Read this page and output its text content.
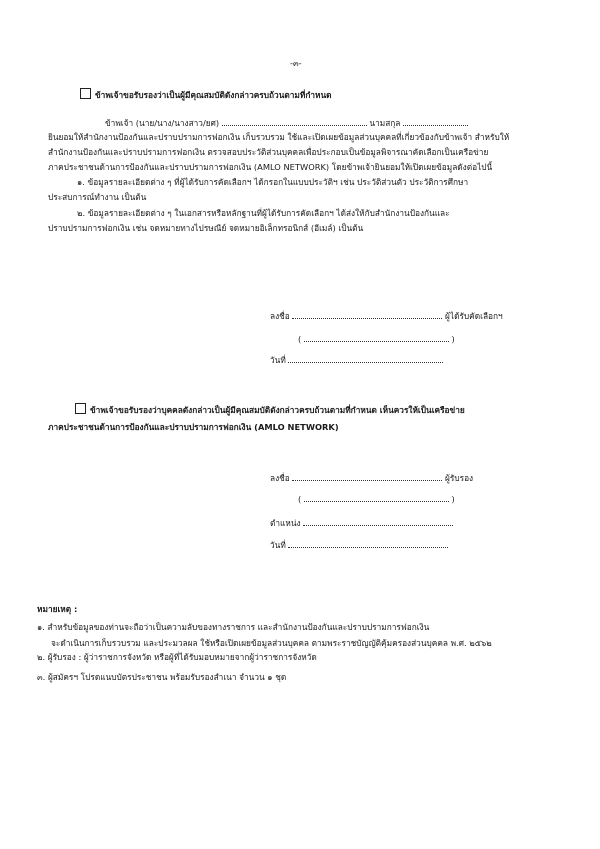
-๓-
ข้าพเจ้าขอรับรองว่าเป็นผู้มีคุณสมบัติดังกล่าวครบถ้วนตามที่กำหนด
ข้าพเจ้า (นาย/นาง/นางสาว/ยศ)	นามสกุล
ยินยอมให้สำนักงานป้องกันและปราบปรามการฟอกเงิน เก็บรวบรวม ใช้และเปิดเผยข้อมูลส่วนบุคคลที่เกี่ยวข้องกับข้าพเจ้า สำหรับให้
สำนักงานป้องกันและปราบปรามการฟอกเงิน ตรวจสอบประวัติส่วนบุคคลเพื่อประกอบเป็นข้อมูลพิจารณาคัดเลือกเป็นเครือข่าย
ภาคประชาชนด้านการป้องกันและปราบปรามการฟอกเงิน (AMLO NETWORK) โดยข้าพเจ้ายินยอมให้เปิดเผยข้อมูลดังต่อไปนี้
๑. ข้อมูลรายละเอียดต่าง ๆ ที่ผู้ได้รับการคัดเลือกฯ ได้กรอกในแบบประวัติฯ เช่น ประวัติส่วนตัว ประวัติการศึกษา
ประสบการณ์ทำงาน เป็นต้น
๒. ข้อมูลรายละเอียดต่าง ๆ ในเอกสารหรือหลักฐานที่ผู้ได้รับการคัดเลือกฯ ได้ส่งให้กับสำนักงานป้องกันและ
ปราบปรามการฟอกเงิน เช่น จดหมายทางไปรษณีย์ จดหมายอิเล็กทรอนิกส์ (อีเมล์) เป็นต้น
ลงชื่อ	ผู้ได้รับคัดเลือกฯ
(	)
วันที่
ข้าพเจ้าขอรับรองว่าบุคคลดังกล่าวเป็นผู้มีคุณสมบัติดังกล่าวครบถ้วนตามที่กำหนด เห็นควรให้เป็นเครือข่าย
ภาคประชาชนด้านการป้องกันและปราบปรามการฟอกเงิน (AMLO NETWORK)
ลงชื่อ	ผู้รับรอง
(	)
ตำแหน่ง
วันที่
หมายเหตุ :
๑. สำหรับข้อมูลของท่านจะถือว่าเป็นความลับของทางราชการ และสำนักงานป้องกันและปราบปรามการฟอกเงิน
จะดำเนินการเก็บรวบรวม และประมวลผล ใช้หรือเปิดเผยข้อมูลส่วนบุคคล ตามพระราชบัญญัติคุ้มครองส่วนบุคคล พ.ศ. ๒๕๖๒
๒. ผู้รับรอง : ผู้ว่าราชการจังหวัด หรือผู้ที่ได้รับมอบหมายจากผู้ว่าราชการจังหวัด
๓. ผู้สมัครฯ โปรดแนบบัตรประชาชน พร้อมรับรองสำเนา จำนวน ๑ ชุด
